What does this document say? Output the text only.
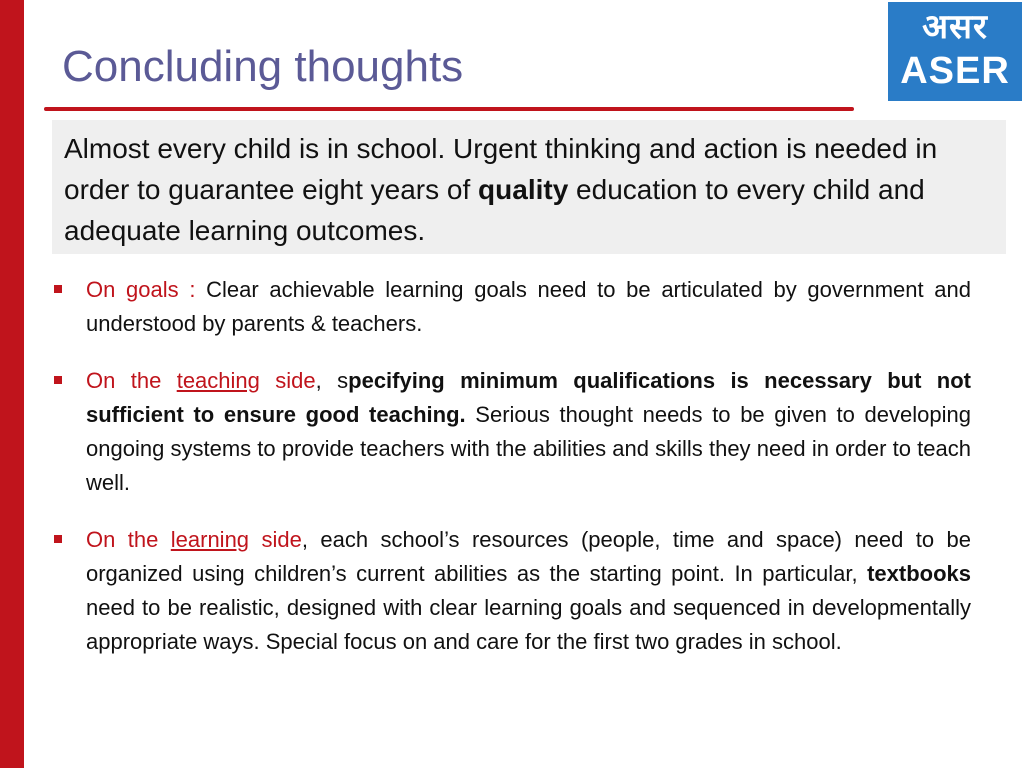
Concluding thoughts
असर
ASER
Almost every child is in school. Urgent thinking and action is needed in order to guarantee eight years of quality education to every child and adequate learning outcomes.
On goals : Clear achievable learning goals need to be articulated by government and understood by parents & teachers.
On the teaching side, specifying minimum qualifications is necessary but not sufficient to ensure good teaching. Serious thought needs to be given to developing ongoing systems to provide teachers with the abilities and skills they need in order to teach well.
On the learning side, each school’s resources (people, time and space) need to be organized using children’s current abilities as the starting point. In particular, textbooks need to be realistic, designed with clear learning goals and sequenced in developmentally appropriate ways. Special focus on and care for the first two grades in school.
